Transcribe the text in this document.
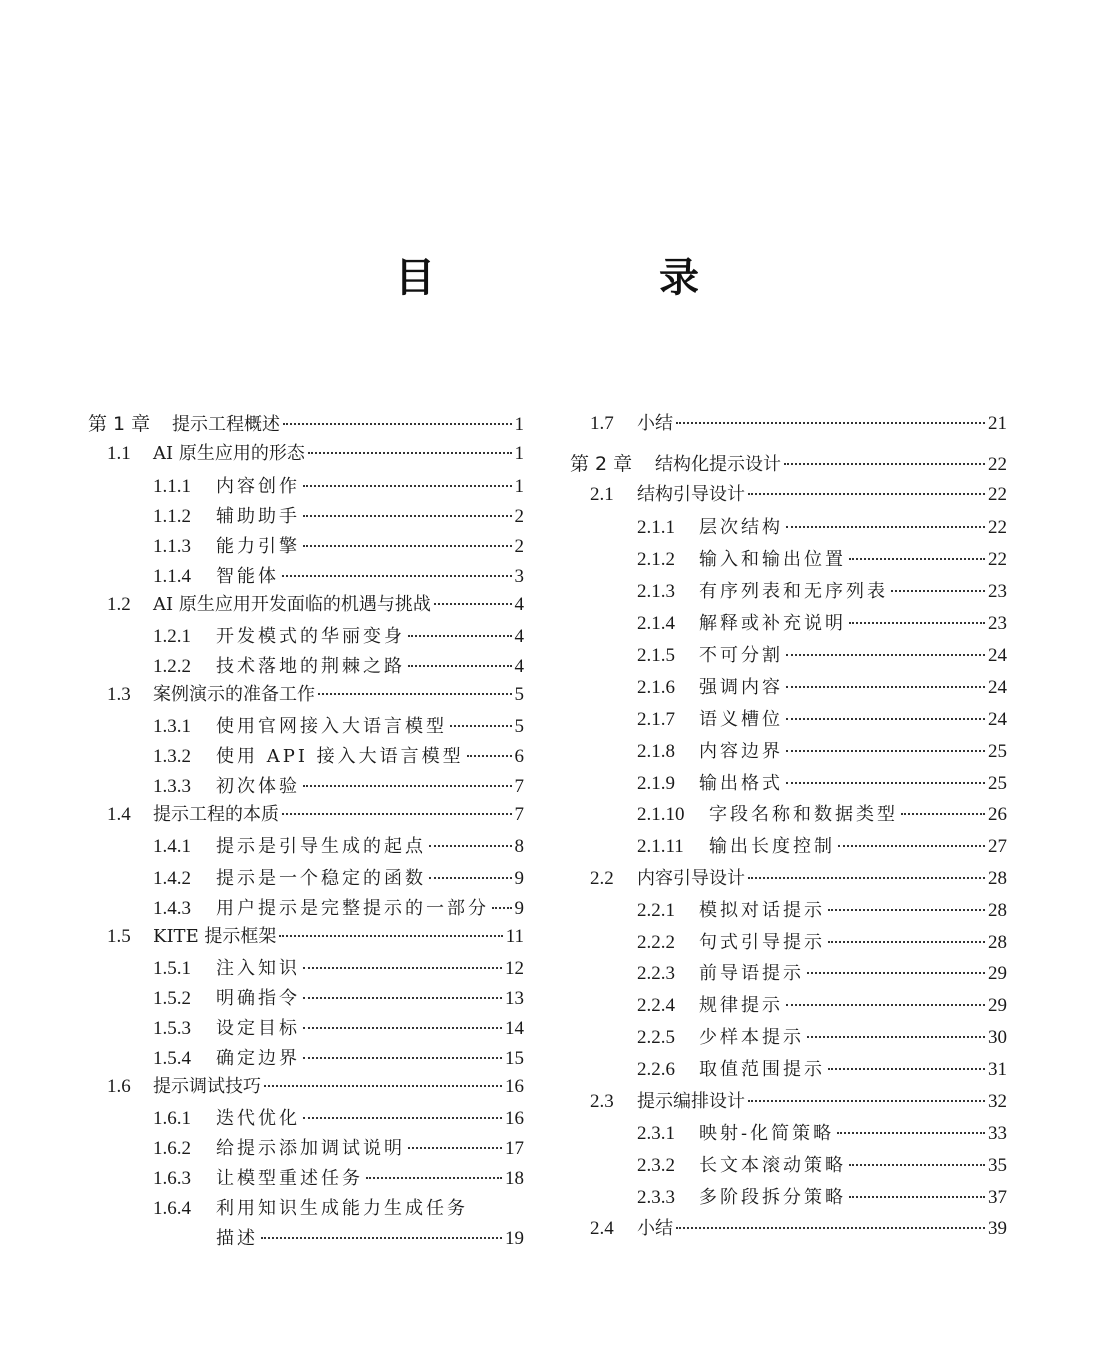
目　录
第 1 章	提示工程概述	1
1.1	AI 原生应用的形态	1
1.1.1	内容创作	1
1.1.2	辅助助手	2
1.1.3	能力引擎	2
1.1.4	智能体	3
1.2	AI 原生应用开发面临的机遇与挑战	4
1.2.1	开发模式的华丽变身	4
1.2.2	技术落地的荆棘之路	4
1.3	案例演示的准备工作	5
1.3.1	使用官网接入大语言模型	5
1.3.2	使用 API 接入大语言模型	6
1.3.3	初次体验	7
1.4	提示工程的本质	7
1.4.1	提示是引导生成的起点	8
1.4.2	提示是一个稳定的函数	9
1.4.3	用户提示是完整提示的一部分 9
1.5	KITE 提示框架	11
1.5.1	注入知识	12
1.5.2	明确指令	13
1.5.3	设定目标	14
1.5.4	确定边界	15
1.6	提示调试技巧	16
1.6.1	迭代优化	16
1.6.2	给提示添加调试说明	17
1.6.3	让模型重述任务	18
1.6.4	利用知识生成能力生成任务
描述	19
1.7	小结	21
第 2 章	结构化提示设计	22
2.1	结构引导设计	22
2.1.1	层次结构	22
2.1.2	输入和输出位置	22
2.1.3	有序列表和无序列表	23
2.1.4	解释或补充说明	23
2.1.5	不可分割	24
2.1.6	强调内容	24
2.1.7	语义槽位	24
2.1.8	内容边界	25
2.1.9	输出格式	25
2.1.10	字段名称和数据类型	26
2.1.11	输出长度控制	27
2.2	内容引导设计	28
2.2.1	模拟对话提示	28
2.2.2	句式引导提示	28
2.2.3	前导语提示	29
2.2.4	规律提示	29
2.2.5	少样本提示	30
2.2.6	取值范围提示	31
2.3	提示编排设计	32
2.3.1	映射-化简策略	33
2.3.2	长文本滚动策略	35
2.3.3	多阶段拆分策略	37
2.4	小结	39
